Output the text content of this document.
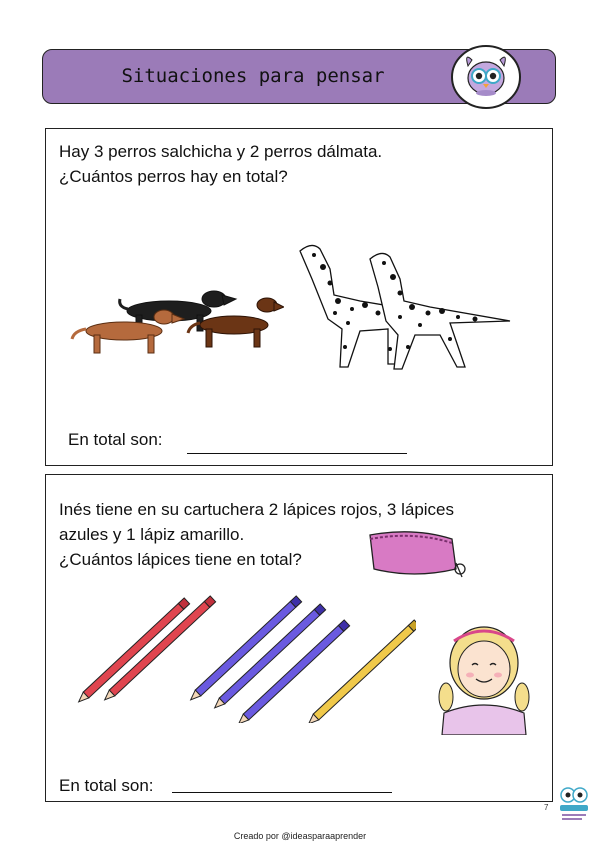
Situaciones para pensar
Hay 3 perros salchicha y 2 perros dálmata.
¿Cuántos perros hay en total?
En total son:
Inés tiene en su cartuchera 2 lápices rojos, 3 lápices
azules y 1 lápiz amarillo.
¿Cuántos lápices tiene en total?
En total son:
7
Creado por @ideasparaaprender
